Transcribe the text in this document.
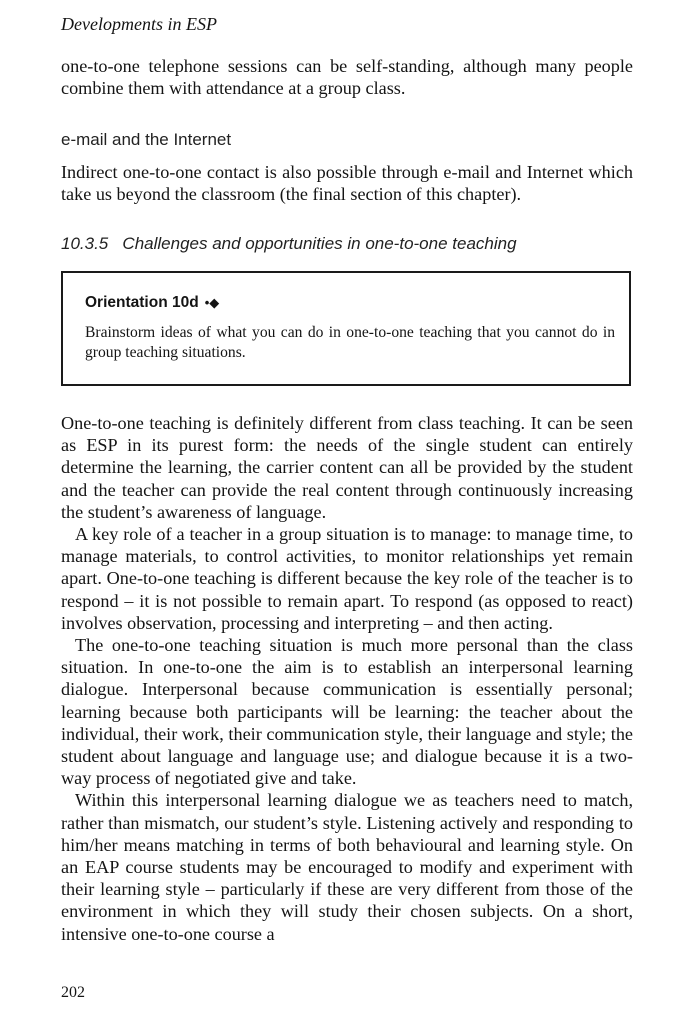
Developments in ESP
one-to-one telephone sessions can be self-standing, although many people combine them with attendance at a group class.
e-mail and the Internet
Indirect one-to-one contact is also possible through e-mail and Internet which take us beyond the classroom (the final section of this chapter).
10.3.5   Challenges and opportunities in one-to-one teaching
Orientation 10d •◆
Brainstorm ideas of what you can do in one-to-one teaching that you cannot do in group teaching situations.

One-to-one teaching is definitely different from class teaching. It can be seen as ESP in its purest form: the needs of the single student can entirely determine the learning, the carrier content can all be provided by the student and the teacher can provide the real content through continuously increasing the student’s awareness of language.

A key role of a teacher in a group situation is to manage: to manage time, to manage materials, to control activities, to monitor relationships yet remain apart. One-to-one teaching is different because the key role of the teacher is to respond – it is not possible to remain apart. To respond (as opposed to react) involves observation, processing and interpreting – and then acting.

The one-to-one teaching situation is much more personal than the class situation. In one-to-one the aim is to establish an interpersonal learning dialogue. Interpersonal because communication is essentially personal; learning because both participants will be learning: the teacher about the individual, their work, their communication style, their language and style; the student about language and language use; and dialogue because it is a two-way process of negotiated give and take.

Within this interpersonal learning dialogue we as teachers need to match, rather than mismatch, our student’s style. Listening actively and responding to him/her means matching in terms of both behavioural and learning style. On an EAP course students may be encouraged to modify and experiment with their learning style – particularly if these are very different from those of the environment in which they will study their chosen subjects. On a short, intensive one-to-one course a

202
